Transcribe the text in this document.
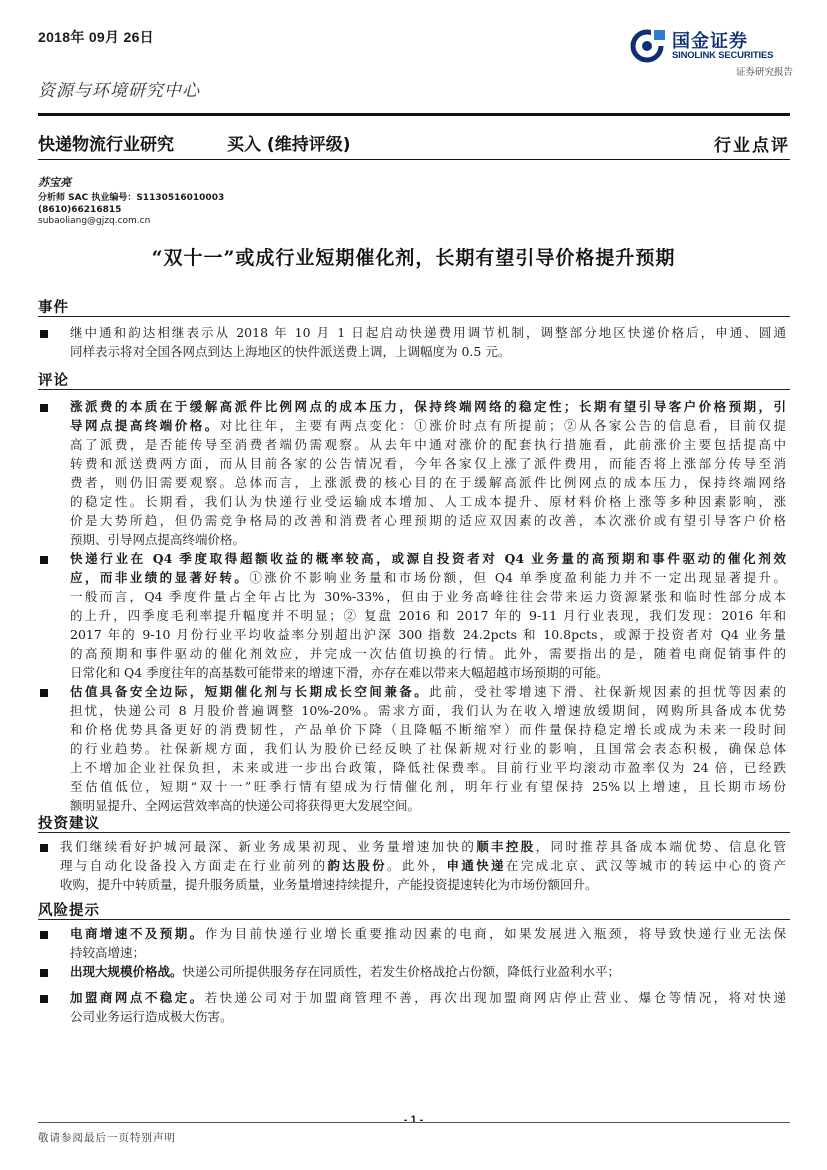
2018年 09月 26日	国金证券
SINOLINK SECURITIES
证券研究报告
资源与环境研究中心
快递物流行业研究	买入 (维持评级)	行业点评
苏宝亮
分析师 SAC 执业编号：S1130516010003
(8610)66216815
subaoliang@gjzq.com.cn
“双十一”或成行业短期催化剂，长期有望引导价格提升预期
事件
继中通和韵达相继表示从 2018 年 10 月 1 日起启动快递费用调节机制，调整部分地区快递价格后，申通、圆通
同样表示将对全国各网点到达上海地区的快件派送费上调，上调幅度为 0.5 元。
评论
涨派费的本质在于缓解高派件比例网点的成本压力，保持终端网络的稳定性；长期有望引导客户价格预期，引
导网点提高终端价格。对比往年，主要有两点变化：①涨价时点有所提前；②从各家公告的信息看，目前仅提
高了派费，是否能传导至消费者端仍需观察。从去年中通对涨价的配套执行措施看，此前涨价主要包括提高中
转费和派送费两方面，而从目前各家的公告情况看，今年各家仅上涨了派件费用，而能否将上涨部分传导至消
费者，则仍旧需要观察。总体而言，上涨派费的核心目的在于缓解高派件比例网点的成本压力，保持终端网络
的稳定性。长期看，我们认为快递行业受运输成本增加、人工成本提升、原材料价格上涨等多种因素影响，涨
价是大势所趋，但仍需竞争格局的改善和消费者心理预期的适应双因素的改善，本次涨价或有望引导客户价格
预期、引导网点提高终端价格。
快递行业在 Q4 季度取得超额收益的概率较高，或源自投资者对 Q4 业务量的高预期和事件驱动的催化剂效
应，而非业绩的显著好转。①涨价不影响业务量和市场份额，但 Q4 单季度盈利能力并不一定出现显著提升。
一般而言，Q4 季度件量占全年占比为 30%-33%，但由于业务高峰往往会带来运力资源紧张和临时性部分成本
的上升，四季度毛利率提升幅度并不明显；② 复盘 2016 和 2017 年的 9-11 月行业表现，我们发现：2016 年和
2017 年的 9-10 月份行业平均收益率分别超出沪深 300 指数 24.2pcts 和 10.8pcts，或源于投资者对 Q4 业务量
的高预期和事件驱动的催化剂效应，并完成一次估值切换的行情。此外，需要指出的是，随着电商促销事件的
日常化和 Q4 季度往年的高基数可能带来的增速下滑，亦存在难以带来大幅超越市场预期的可能。
估值具备安全边际，短期催化剂与长期成长空间兼备。此前，受社零增速下滑、社保新规因素的担忧等因素的
担忧，快递公司 8 月股价普遍调整 10%-20%。需求方面，我们认为在收入增速放缓期间，网购所具备成本优势
和价格优势具备更好的消费韧性，产品单价下降（且降幅不断缩窄）而件量保持稳定增长或成为未来一段时间
的行业趋势。社保新规方面，我们认为股价已经反映了社保新规对行业的影响，且国常会表态积极，确保总体
上不增加企业社保负担，未来或进一步出台政策，降低社保费率。目前行业平均滚动市盈率仅为 24 倍，已经跌
至估值低位，短期“双十一”旺季行情有望成为行情催化剂，明年行业有望保持 25%以上增速，且长期市场份
额明显提升、全网运营效率高的快递公司将获得更大发展空间。
投资建议
我们继续看好护城河最深、新业务成果初现、业务量增速加快的顺丰控股，同时推荐具备成本端优势、信息化管
理与自动化设备投入方面走在行业前列的韵达股份。此外，申通快递在完成北京、武汉等城市的转运中心的资产
收购，提升中转质量，提升服务质量，业务量增速持续提升，产能投资提速转化为市场份额回升。
风险提示
电商增速不及预期。作为目前快递行业增长重要推动因素的电商，如果发展进入瓶颈，将导致快递行业无法保
持较高增速；
出现大规模价格战。快递公司所提供服务存在同质性，若发生价格战抢占份额，降低行业盈利水平；
加盟商网点不稳定。若快递公司对于加盟商管理不善，再次出现加盟商网店停止营业、爆仓等情况，将对快递
公司业务运行造成极大伤害。
- 1 -
敬请参阅最后一页特别声明
